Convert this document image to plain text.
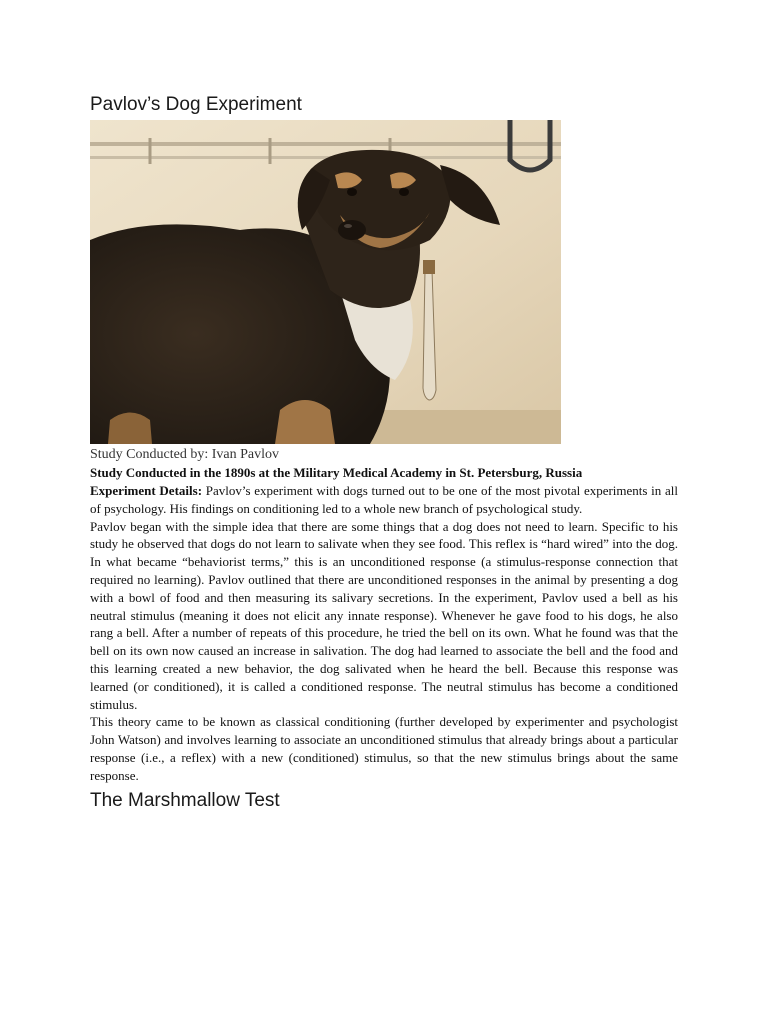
Pavlov’s Dog Experiment

Study Conducted by: Ivan Pavlov

Study Conducted in the 1890s at the Military Medical Academy in St. Petersburg, Russia

Experiment Details: Pavlov’s experiment with dogs turned out to be one of the most pivotal experiments in all of psychology. His findings on conditioning led to a whole new branch of psychological study.

Pavlov began with the simple idea that there are some things that a dog does not need to learn. Specific to his study he observed that dogs do not learn to salivate when they see food. This reflex is “hard wired” into the dog. In what became “behaviorist terms,” this is an unconditioned response (a stimulus-response connection that required no learning). Pavlov outlined that there are unconditioned responses in the animal by presenting a dog with a bowl of food and then measuring its salivary secretions. In the experiment, Pavlov used a bell as his neutral stimulus (meaning it does not elicit any innate response). Whenever he gave food to his dogs, he also rang a bell. After a number of repeats of this procedure, he tried the bell on its own. What he found was that the bell on its own now caused an increase in salivation. The dog had learned to associate the bell and the food and this learning created a new behavior, the dog salivated when he heard the bell. Because this response was learned (or conditioned), it is called a conditioned response. The neutral stimulus has become a conditioned stimulus.

This theory came to be known as classical conditioning (further developed by experimenter and psychologist John Watson) and involves learning to associate an unconditioned stimulus that already brings about a particular response (i.e., a reflex) with a new (conditioned) stimulus, so that the new stimulus brings about the same response.

The Marshmallow Test
